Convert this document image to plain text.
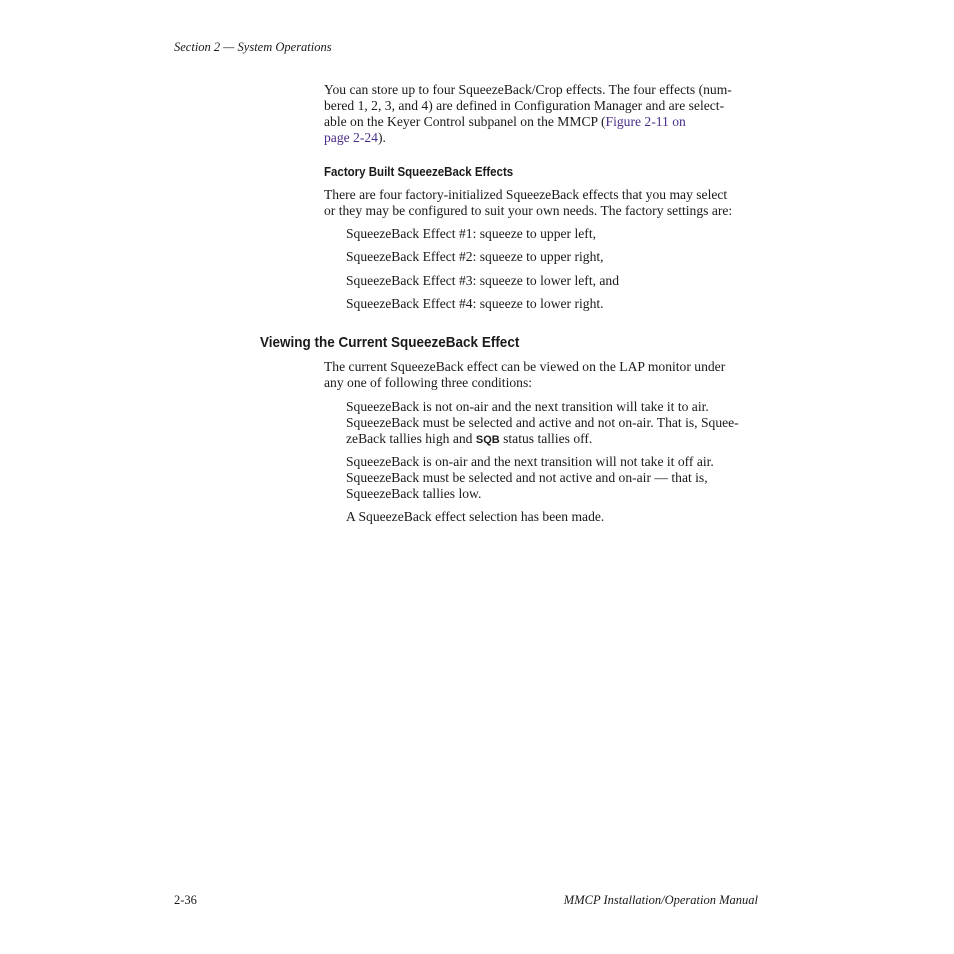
Section 2 — System Operations
You can store up to four SqueezeBack/Crop effects. The four effects (num-
bered 1, 2, 3, and 4) are defined in Configuration Manager and are select-
able on the Keyer Control subpanel on the MMCP (Figure 2-11 on
page 2-24).
Factory Built SqueezeBack Effects
There are four factory-initialized SqueezeBack effects that you may select
or they may be configured to suit your own needs. The factory settings are:
SqueezeBack Effect #1: squeeze to upper left,
SqueezeBack Effect #2: squeeze to upper right,
SqueezeBack Effect #3: squeeze to lower left, and
SqueezeBack Effect #4: squeeze to lower right.
Viewing the Current SqueezeBack Effect
The current SqueezeBack effect can be viewed on the LAP monitor under
any one of following three conditions:
SqueezeBack is not on-air and the next transition will take it to air.
SqueezeBack must be selected and active and not on-air. That is, Squee-
zeBack tallies high and SQB status tallies off.
SqueezeBack is on-air and the next transition will not take it off air.
SqueezeBack must be selected and not active and on-air — that is,
SqueezeBack tallies low.
A SqueezeBack effect selection has been made.
2-36	MMCP Installation/Operation Manual
